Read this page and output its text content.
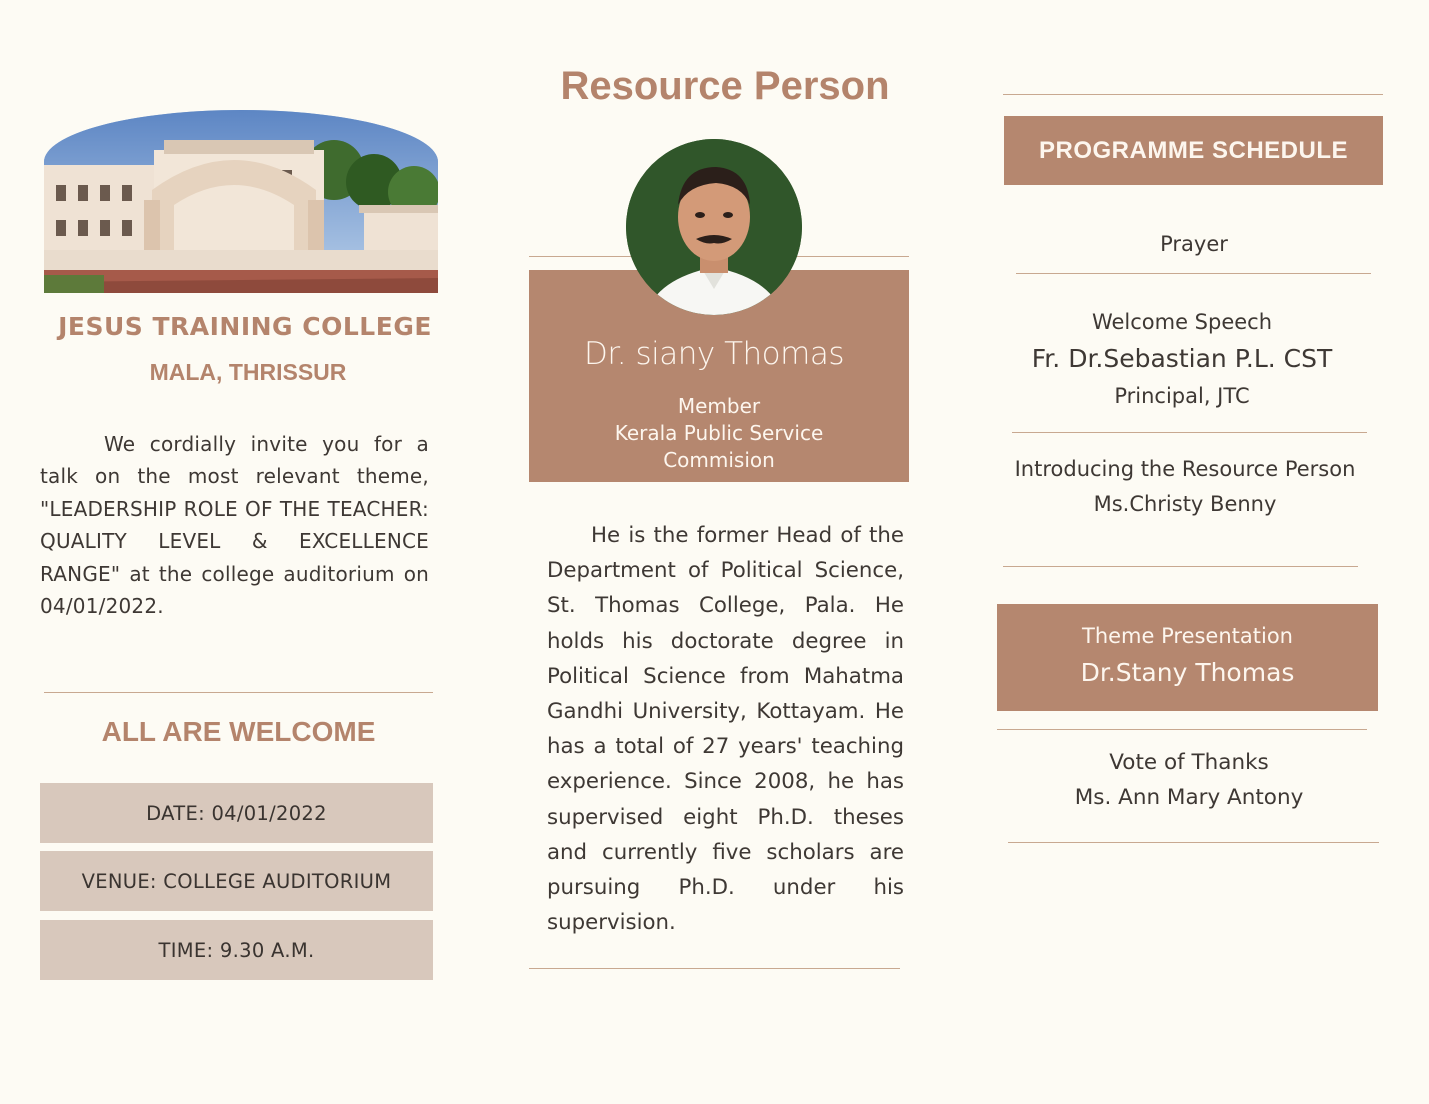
JESUS TRAINING COLLEGE
MALA, THRISSUR
We cordially invite you for a talk on the most relevant theme, "LEADERSHIP ROLE OF THE TEACHER: QUALITY LEVEL & EXCELLENCE RANGE" at the college auditorium on 04/01/2022.
ALL ARE WELCOME
DATE: 04/01/2022
VENUE: COLLEGE AUDITORIUM
TIME: 9.30 A.M.
Resource Person
Dr. siany Thomas
Member
Kerala Public Service
Commision
He is the former Head of the Department of Political Science, St. Thomas College, Pala. He holds his doctorate degree in Political Science from Mahatma Gandhi University, Kottayam. He has a total of 27 years' teaching experience. Since 2008, he has supervised eight Ph.D. theses and currently five scholars are pursuing Ph.D. under his supervision.
PROGRAMME SCHEDULE
Prayer
Welcome Speech
Fr. Dr.Sebastian P.L. CST
Principal, JTC
Introducing the Resource Person
Ms.Christy Benny
Theme Presentation
Dr.Stany Thomas
Vote of Thanks
Ms. Ann Mary Antony
